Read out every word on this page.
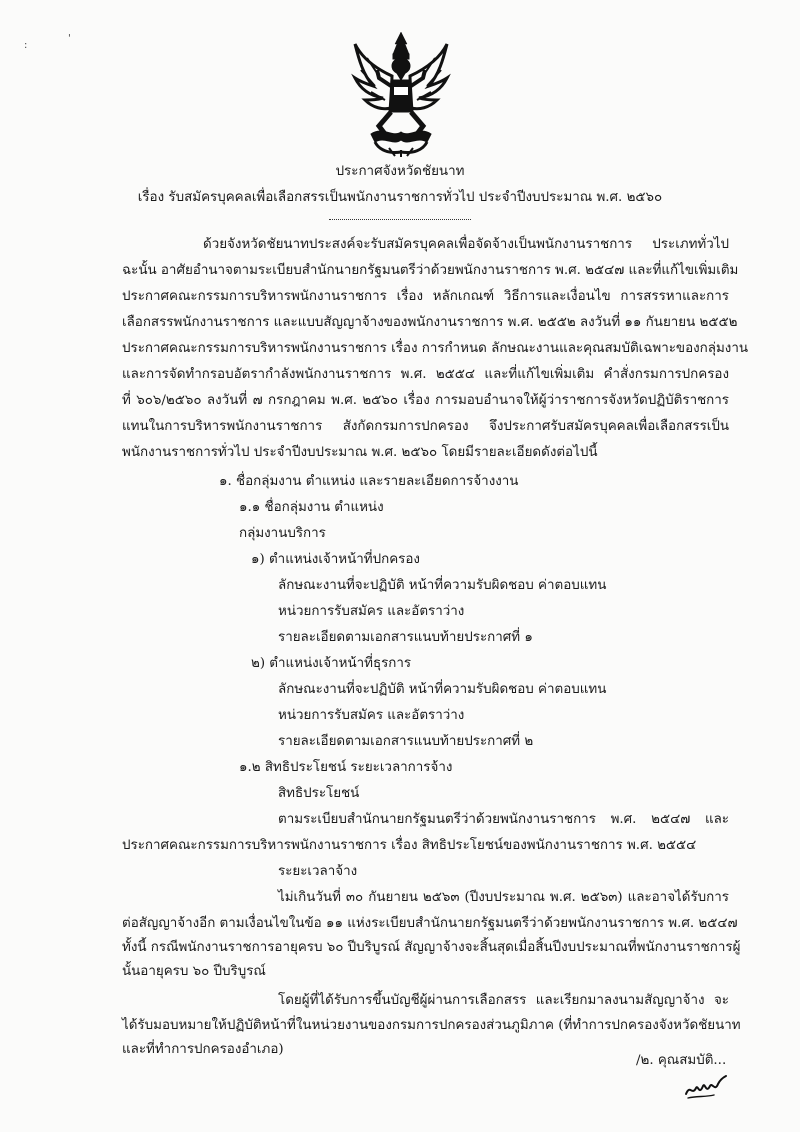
:
'
ประกาศจังหวัดชัยนาท
เรื่อง รับสมัครบุคคลเพื่อเลือกสรรเป็นพนักงานราชการทั่วไป ประจำปีงบประมาณ พ.ศ. ๒๕๖๐
ด้วยจังหวัดชัยนาทประสงค์จะรับสมัครบุคคลเพื่อจัดจ้างเป็นพนักงานราชการ ประเภททั่วไป
ฉะนั้น อาศัยอำนาจตามระเบียบสำนักนายกรัฐมนตรีว่าด้วยพนักงานราชการ พ.ศ. ๒๕๔๗ และที่แก้ไขเพิ่มเติม
ประกาศคณะกรรมการบริหารพนักงานราชการ เรื่อง หลักเกณฑ์ วิธีการและเงื่อนไข การสรรหาและการ
เลือกสรรพนักงานราชการ และแบบสัญญาจ้างของพนักงานราชการ พ.ศ. ๒๕๕๒ ลงวันที่ ๑๑ กันยายน ๒๕๕๒
ประกาศคณะกรรมการบริหารพนักงานราชการ เรื่อง การกำหนด ลักษณะงานและคุณสมบัติเฉพาะของกลุ่มงาน
และการจัดทำกรอบอัตรากำลังพนักงานราชการ พ.ศ. ๒๕๕๔ และที่แก้ไขเพิ่มเติม คำสั่งกรมการปกครอง
ที่ ๖๐๖/๒๕๖๐ ลงวันที่ ๗ กรกฎาคม พ.ศ. ๒๕๖๐ เรื่อง การมอบอำนาจให้ผู้ว่าราชการจังหวัดปฏิบัติราชการ
แทนในการบริหารพนักงานราชการ สังกัดกรมการปกครอง จึงประกาศรับสมัครบุคคลเพื่อเลือกสรรเป็น
พนักงานราชการทั่วไป ประจำปีงบประมาณ พ.ศ. ๒๕๖๐ โดยมีรายละเอียดดังต่อไปนี้
๑. ชื่อกลุ่มงาน ตำแหน่ง และรายละเอียดการจ้างงาน
๑.๑ ชื่อกลุ่มงาน ตำแหน่ง
กลุ่มงานบริการ
๑) ตำแหน่งเจ้าหน้าที่ปกครอง
ลักษณะงานที่จะปฏิบัติ หน้าที่ความรับผิดชอบ ค่าตอบแทน
หน่วยการรับสมัคร และอัตราว่าง
รายละเอียดตามเอกสารแนบท้ายประกาศที่ ๑
๒) ตำแหน่งเจ้าหน้าที่ธุรการ
ลักษณะงานที่จะปฏิบัติ หน้าที่ความรับผิดชอบ ค่าตอบแทน
หน่วยการรับสมัคร และอัตราว่าง
รายละเอียดตามเอกสารแนบท้ายประกาศที่ ๒
๑.๒ สิทธิประโยชน์ ระยะเวลาการจ้าง
สิทธิประโยชน์
ตามระเบียบสำนักนายกรัฐมนตรีว่าด้วยพนักงานราชการ พ.ศ. ๒๕๔๗ และ
ประกาศคณะกรรมการบริหารพนักงานราชการ เรื่อง สิทธิประโยชน์ของพนักงานราชการ พ.ศ. ๒๕๕๔
ระยะเวลาจ้าง
ไม่เกินวันที่ ๓๐ กันยายน ๒๕๖๓ (ปีงบประมาณ พ.ศ. ๒๕๖๓) และอาจได้รับการ
ต่อสัญญาจ้างอีก ตามเงื่อนไขในข้อ ๑๑ แห่งระเบียบสำนักนายกรัฐมนตรีว่าด้วยพนักงานราชการ พ.ศ. ๒๕๔๗
ทั้งนี้ กรณีพนักงานราชการอายุครบ ๖๐ ปีบริบูรณ์ สัญญาจ้างจะสิ้นสุดเมื่อสิ้นปีงบประมาณที่พนักงานราชการผู้
นั้นอายุครบ ๖๐ ปีบริบูรณ์
โดยผู้ที่ได้รับการขึ้นบัญชีผู้ผ่านการเลือกสรร และเรียกมาลงนามสัญญาจ้าง จะ
ได้รับมอบหมายให้ปฏิบัติหน้าที่ในหน่วยงานของกรมการปกครองส่วนภูมิภาค (ที่ทำการปกครองจังหวัดชัยนาท
และที่ทำการปกครองอำเภอ)
/๒. คุณสมบัติ...
